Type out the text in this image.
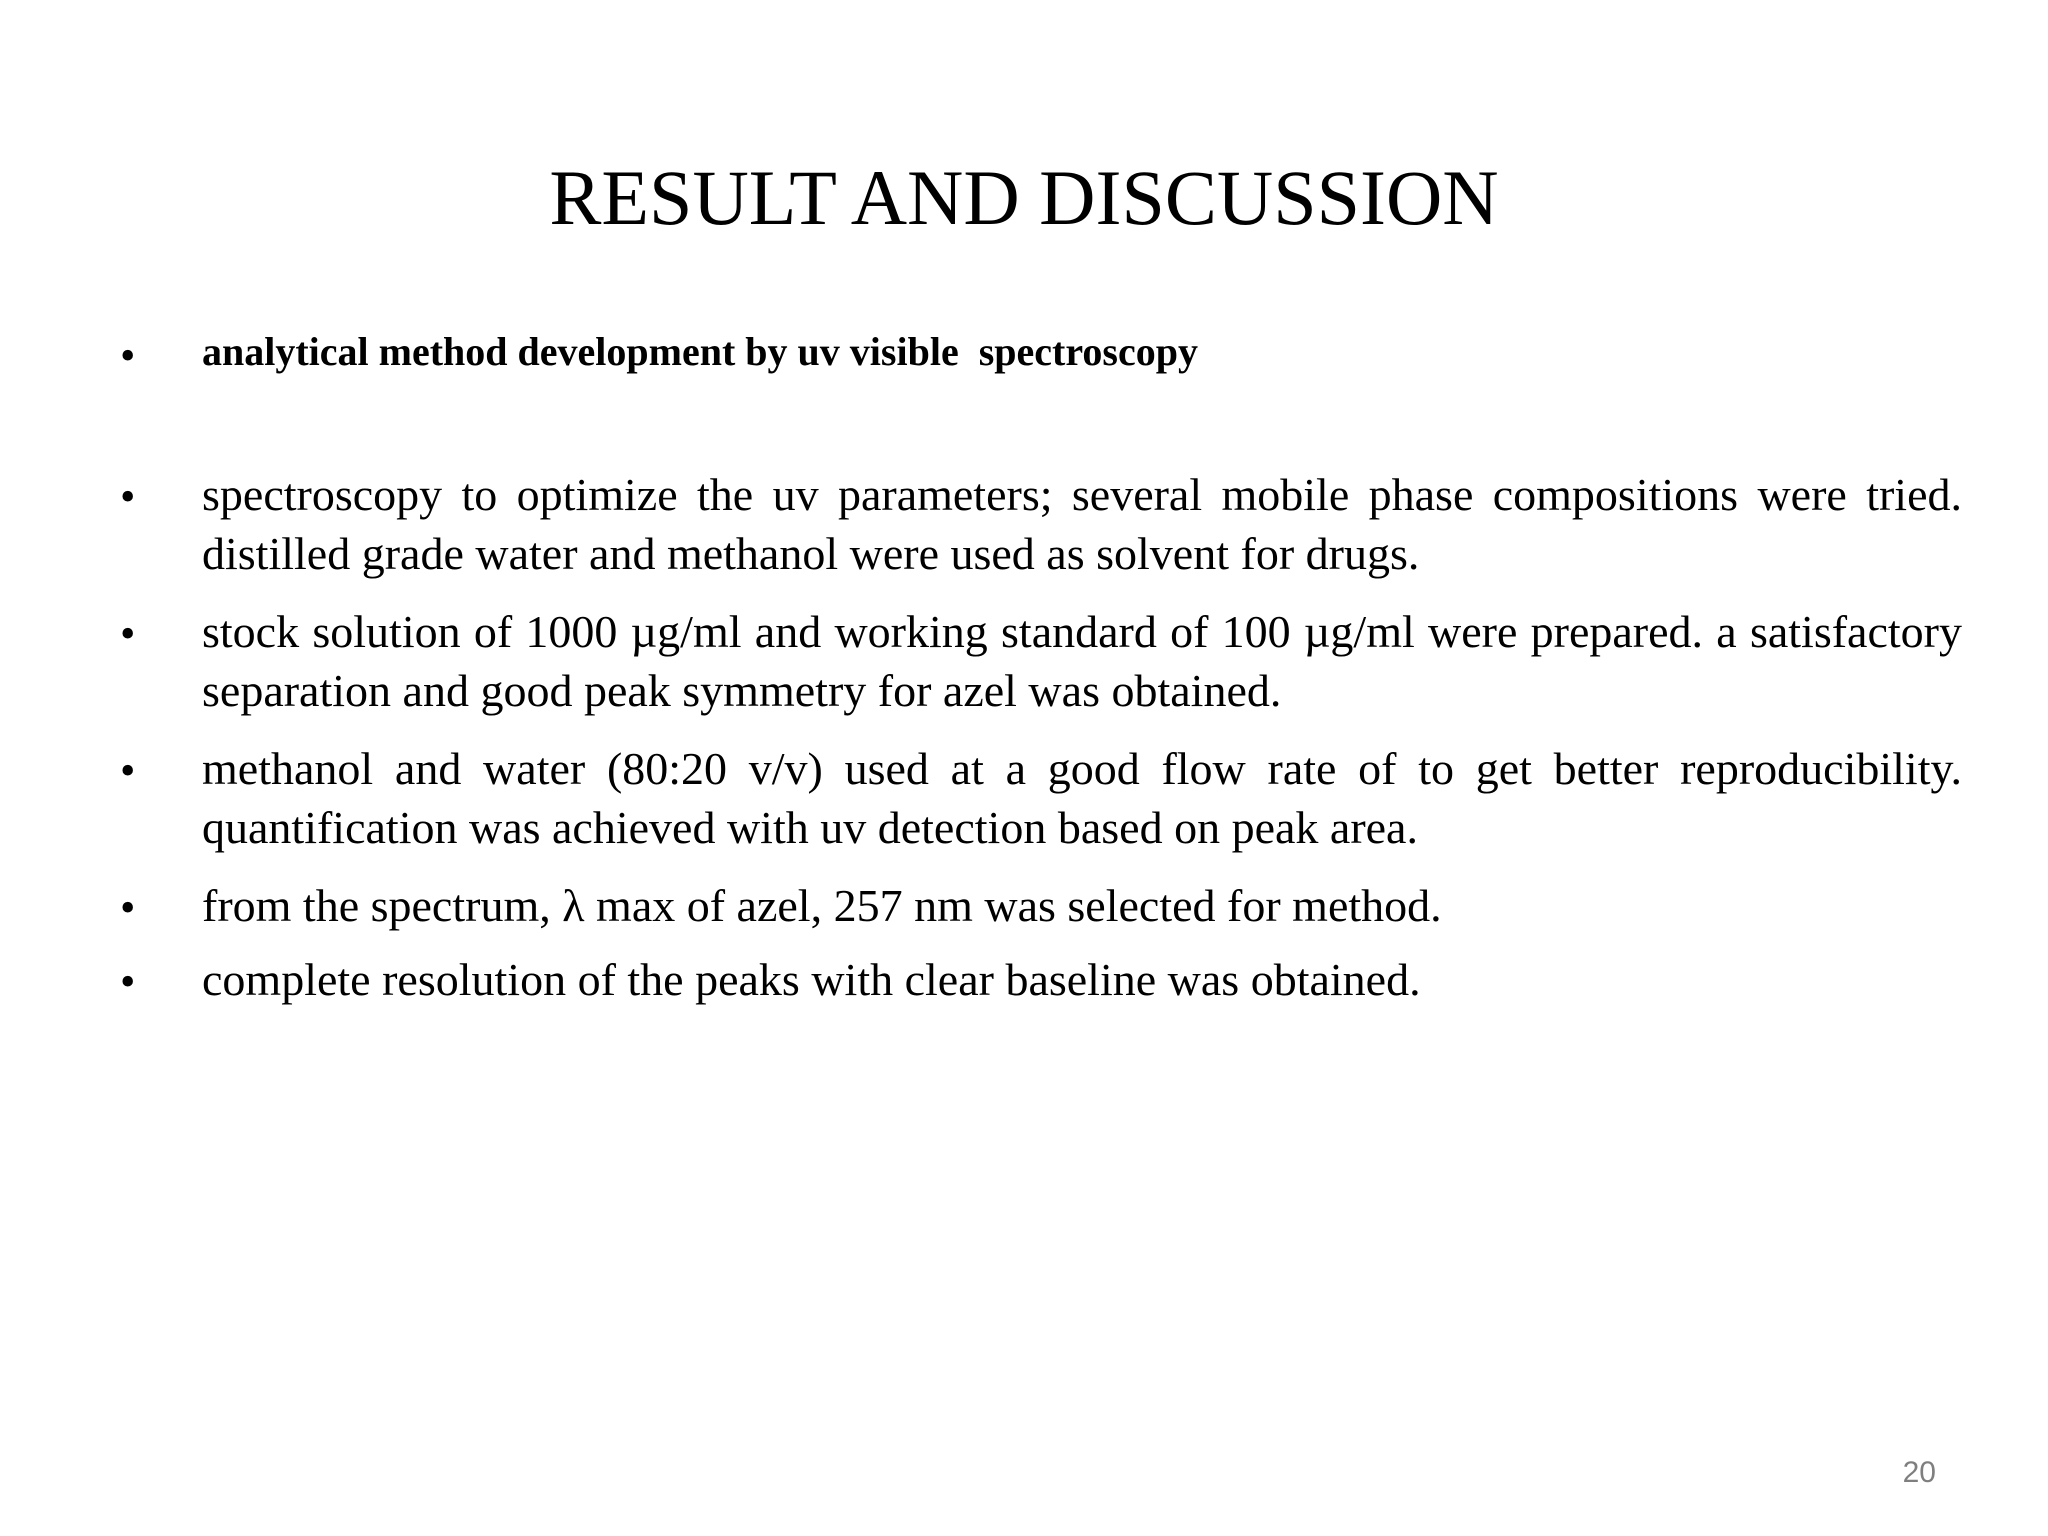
RESULT AND DISCUSSION
• analytical method development by uv visible  spectroscopy
• spectroscopy to optimize the uv parameters; several mobile phase compositions were tried. distilled grade water and methanol were used as solvent for drugs.
• stock solution of 1000 µg/ml and working standard of 100 µg/ml were prepared. a satisfactory separation and good peak symmetry for azel was obtained.
• methanol and water (80:20 v/v) used at a good flow rate of to get better reproducibility. quantification was achieved with uv detection based on peak area.
• from the spectrum, λ max of azel, 257 nm was selected for method.
• complete resolution of the peaks with clear baseline was obtained.
20
